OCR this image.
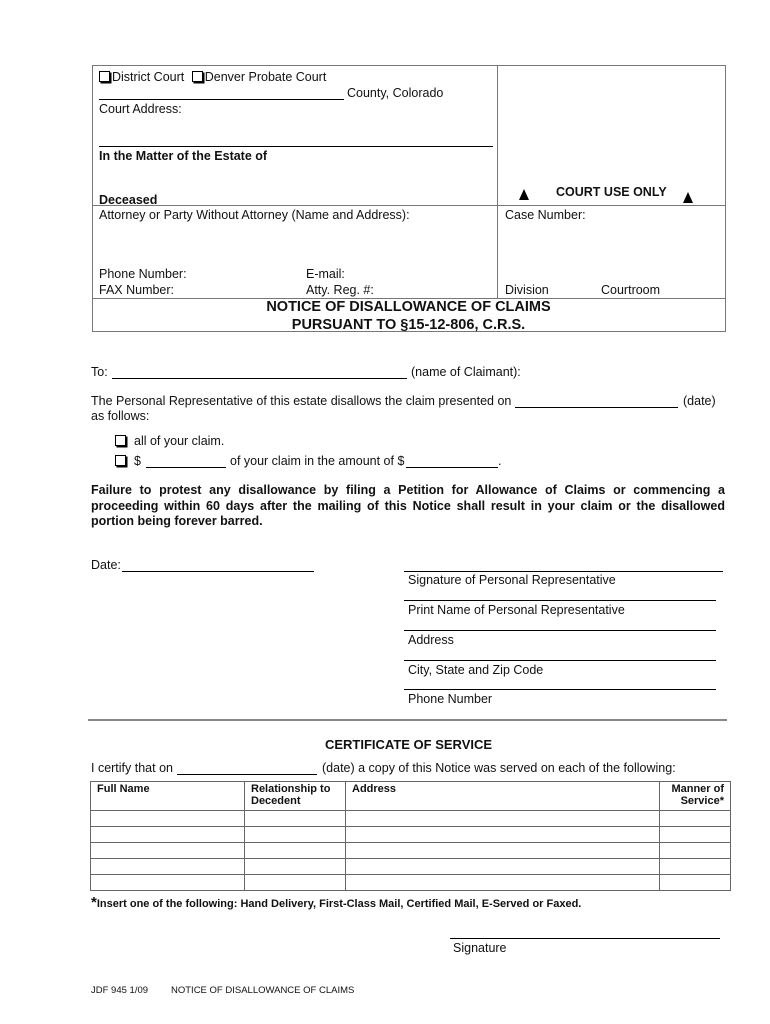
District Court Denver Probate Court
County, Colorado
Court Address:
In the Matter of the Estate of
Deceased
Attorney or Party Without Attorney (Name and Address):
Phone Number:	E-mail:
FAX Number:	Atty. Reg. #:
COURT USE ONLY
Case Number:
Division	Courtroom
NOTICE OF DISALLOWANCE OF CLAIMS
PURSUANT TO §15-12-806, C.R.S.
To:	(name of Claimant):
The Personal Representative of this estate disallows the claim presented on	(date)
as follows:
all of your claim.
$	of your claim in the amount of $	.
Failure to protest any disallowance by filing a Petition for Allowance of Claims or commencing a proceeding within 60 days after the mailing of this Notice shall result in your claim or the disallowed portion being forever barred.
Date:
Signature of Personal Representative
Print Name of Personal Representative
Address
City, State and Zip Code
Phone Number
CERTIFICATE OF SERVICE
I certify that on	(date) a copy of this Notice was served on each of the following:
Full Name	Relationship to Decedent	Address	Manner of Service*

*Insert one of the following: Hand Delivery, First-Class Mail, Certified Mail, E-Served or Faxed.
Signature
JDF 945 1/09 NOTICE OF DISALLOWANCE OF CLAIMS
